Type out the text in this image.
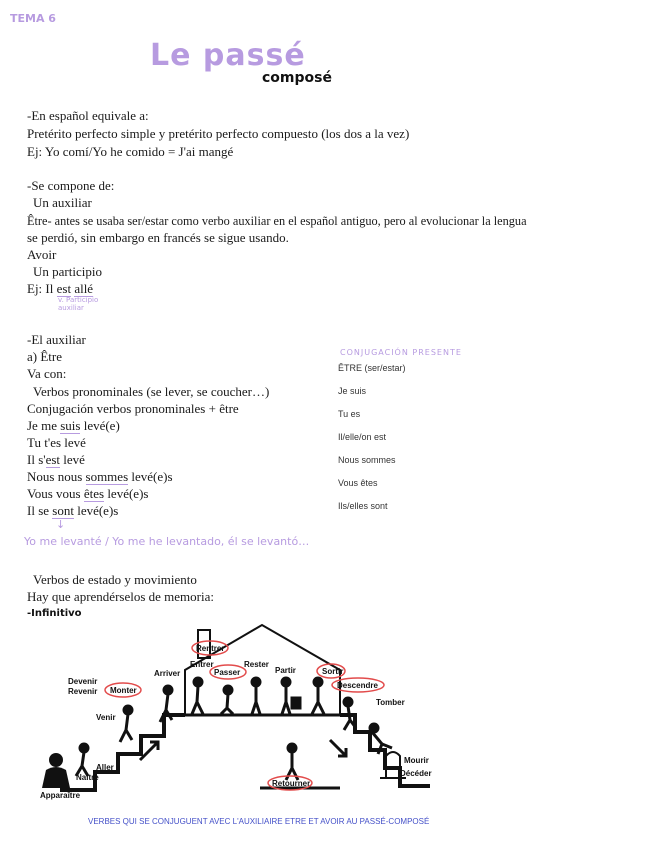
TEMA 6
Le passé
composé
-En español equivale a:
Pretérito perfecto simple y pretérito perfecto compuesto (los dos a la vez)
Ej: Yo comí/Yo he comido = J'ai mangé
-Se compone de:
Un auxiliar
Être- antes se usaba ser/estar como verbo auxiliar en el español antiguo, pero al evolucionar la lengua
se perdió, sin embargo en francés se sigue usando.
Avoir
Un participio
Ej: Il est allé
v. Participio
auxiliar
-El auxiliar
a) Être
Va con:
Verbos pronominales (se lever, se coucher…)
Conjugación verbos pronominales + être
Je me suis levé(e)
Tu t'es levé
Il s'est levé
Nous nous sommes levé(e)s
Vous vous êtes levé(e)s
Il se sont levé(e)s
↓
Yo me levanté / Yo me he levantado, él se levantó…
CONJUGACIÓN PRESENTE
ÊTRE (ser/estar)
Je suis
Tu es
Il/elle/on est
Nous sommes
Vous êtes
Ils/elles sont
Verbos de estado y movimiento
Hay que aprendérselos de memoria:
-Infinitivo
Rentrer
Entrer
Passer
Rester
Partir	Sortir
Descendre
Arriver
Monter
Devenir
Revenir
Venir
Aller
Naître
Apparaître
Tomber
Retourner
Mourir
Décéder
VERBES QUI SE CONJUGUENT AVEC L'AUXILIAIRE ETRE ET AVOIR AU PASSÉ-COMPOSÉ
